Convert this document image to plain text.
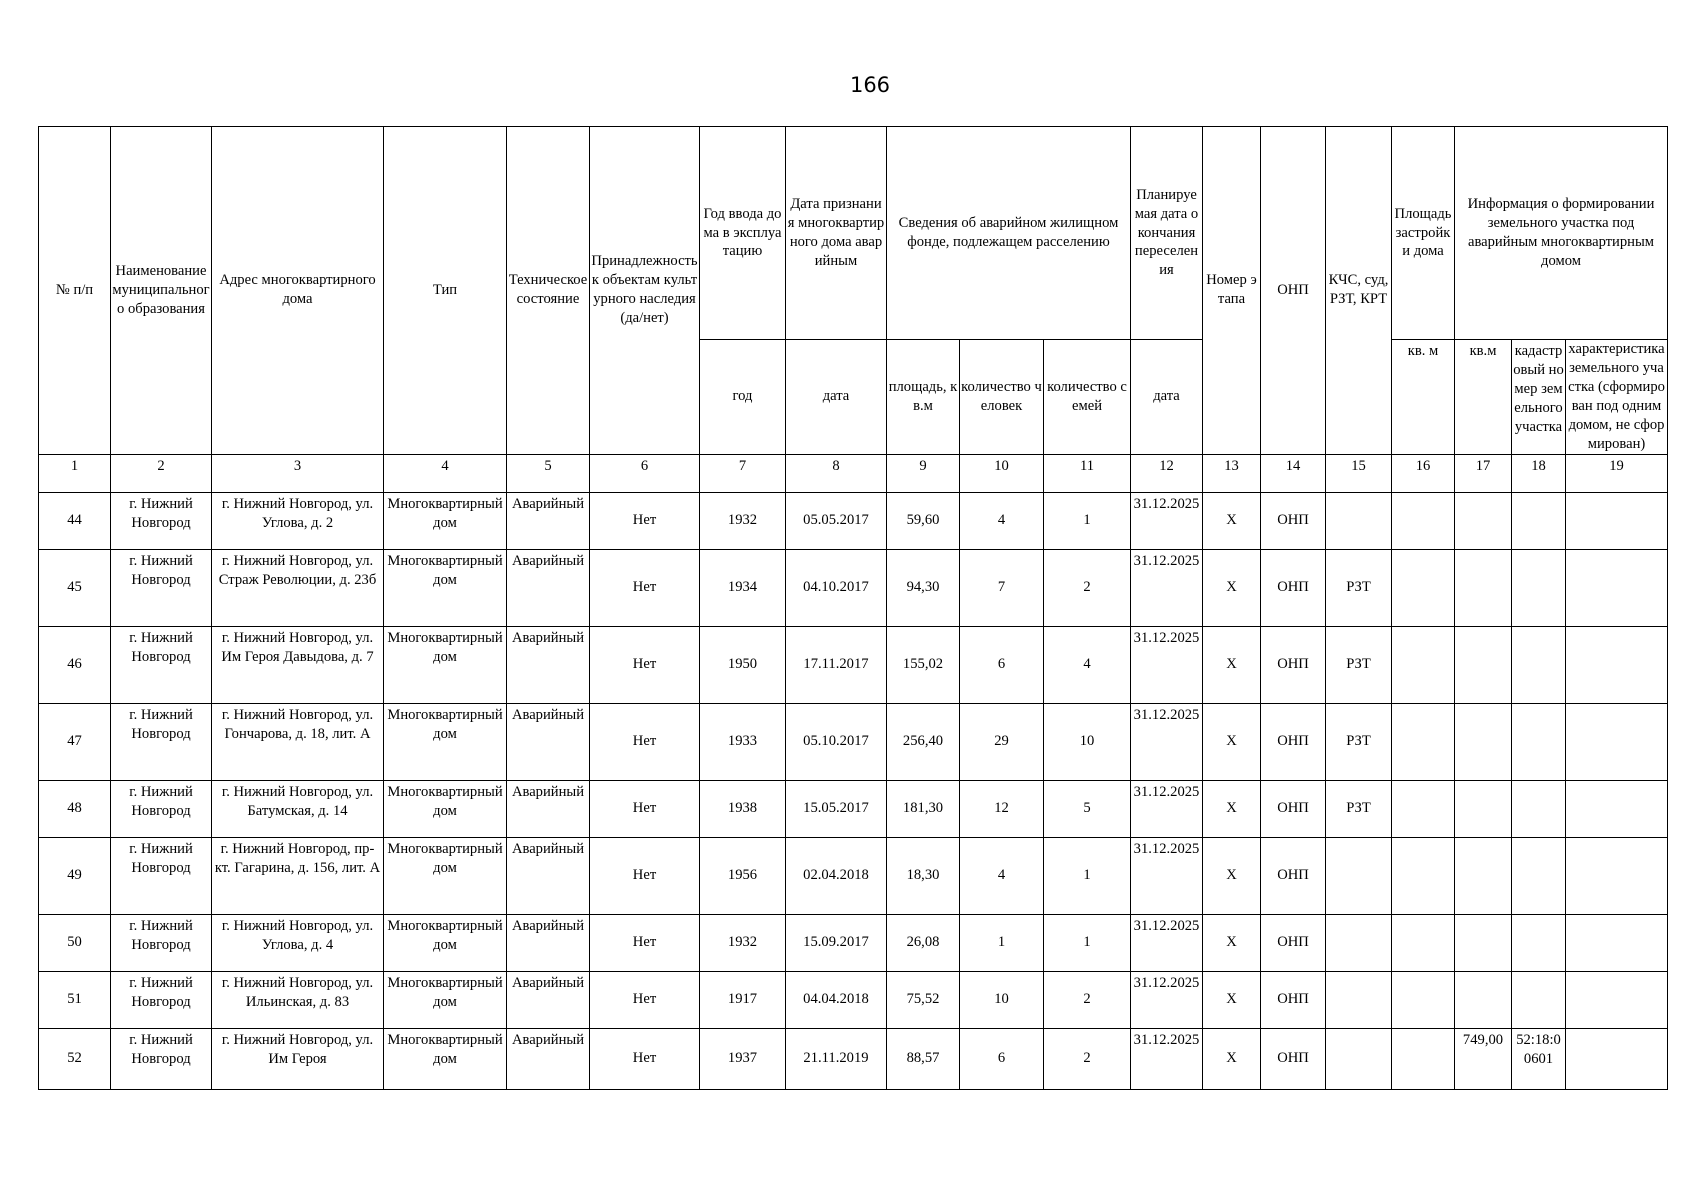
166
№ п/п	Наименование муниципального образования	Адрес многоквартирного дома	Тип	Техническое состояние	Принадлежность к объектам культурного наследия (да/нет)	Год ввода дома в эксплуатацию	Дата признания многоквартирного дома аварийным	Сведения об аварийном жилищном фонде, подлежащем расселению			Планируемая дата окончания переселения	Номер этапа	ОНП	КЧС, суд, РЗТ, КРТ	Площадь застройки дома	Информация о формировании земельного участка под аварийным многоквартирным домом		
						год	дата	площадь, кв.м	количество человек	количество семей	дата				кв. м	кв.м	кадастровый номер земельного участка	характеристика земельного участка (сформирован под одним домом, не сформирован)
1	2	3	4	5	6	7	8	9	10	11	12	13	14	15	16	17	18	19
44	г. Нижний Новгород	г. Нижний Новгород, ул. Углова, д. 2	Многоквартирный дом	Аварийный	Нет	1932	05.05.2017	59,60	4	1	31.12.2025	X	ОНП					
45	г. Нижний Новгород	г. Нижний Новгород, ул. Страж Революции, д. 23б	Многоквартирный дом	Аварийный	Нет	1934	04.10.2017	94,30	7	2	31.12.2025	X	ОНП	РЗТ				
46	г. Нижний Новгород	г. Нижний Новгород, ул. Им Героя Давыдова, д. 7	Многоквартирный дом	Аварийный	Нет	1950	17.11.2017	155,02	6	4	31.12.2025	X	ОНП	РЗТ				
47	г. Нижний Новгород	г. Нижний Новгород, ул. Гончарова, д. 18, лит. А	Многоквартирный дом	Аварийный	Нет	1933	05.10.2017	256,40	29	10	31.12.2025	X	ОНП	РЗТ				
48	г. Нижний Новгород	г. Нижний Новгород, ул. Батумская, д. 14	Многоквартирный дом	Аварийный	Нет	1938	15.05.2017	181,30	12	5	31.12.2025	X	ОНП	РЗТ				
49	г. Нижний Новгород	г. Нижний Новгород, пр-кт. Гагарина, д. 156, лит. А	Многоквартирный дом	Аварийный	Нет	1956	02.04.2018	18,30	4	1	31.12.2025	X	ОНП					
50	г. Нижний Новгород	г. Нижний Новгород, ул. Углова, д. 4	Многоквартирный дом	Аварийный	Нет	1932	15.09.2017	26,08	1	1	31.12.2025	X	ОНП					
51	г. Нижний Новгород	г. Нижний Новгород, ул. Ильинская, д. 83	Многоквартирный дом	Аварийный	Нет	1917	04.04.2018	75,52	10	2	31.12.2025	X	ОНП					
52	г. Нижний Новгород	г. Нижний Новгород, ул. Им Героя	Многоквартирный дом	Аварийный	Нет	1937	21.11.2019	88,57	6	2	31.12.2025	X	ОНП			749,00	52:18:00601	
